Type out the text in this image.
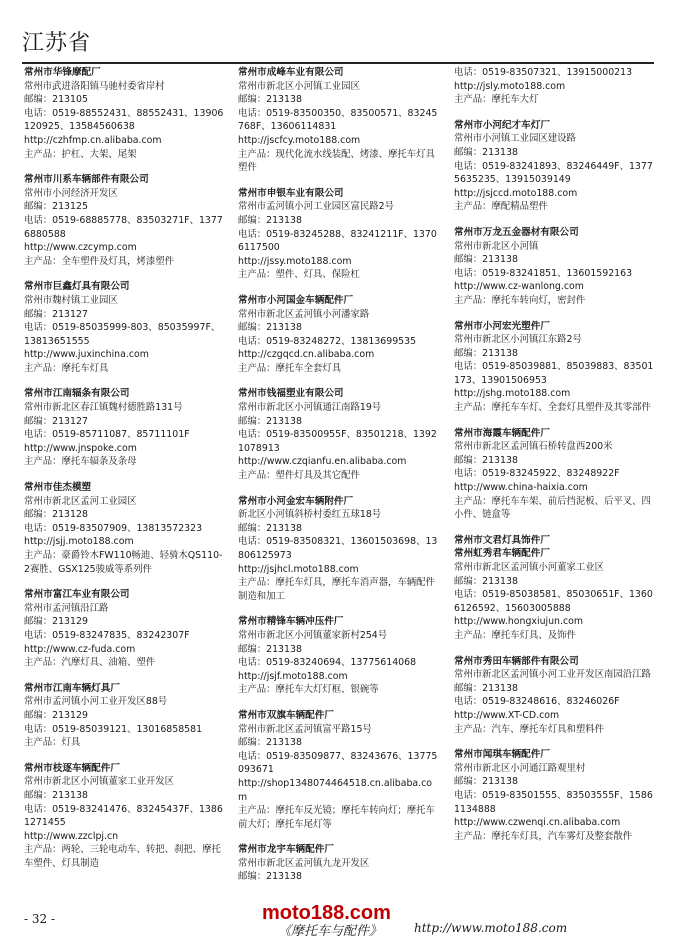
江苏省
常州市华锋摩配厂
常州市武进洛阳镇马驰村委省岸村
邮编：213105
电话：0519-88552431、88552431、13906120925、13584560638
http://czhfmp.cn.alibaba.com
主产品：护杠、大架、尾架
常州市川系车辆部件有限公司
常州市小河经济开发区
邮编：213125
电话：0519-68885778、83503271F、13776880588
http://www.czcymp.com
主产品：全车塑件及灯具，烤漆塑件
常州市巨鑫灯具有限公司
常州市魏村镇工业园区
邮编：213127
电话：0519-85035999-803、85035997F、13813651555
http://www.juxinchina.com
主产品：摩托车灯具
常州市江南辐条有限公司
常州市新北区春江镇魏村德胜路131号
邮编：213127
电话：0519-85711087、85711101F
http://www.jnspoke.com
主产品：摩托车辐条及条母
常州市佳杰模塑
常州市新北区孟河工业园区
邮编：213128
电话：0519-83507909、13813572323
http://jsjj.moto188.com
主产品：豪爵铃木FW110畅迪、轻骑木QS110-2赛胜、GSX125骏威等系列件
常州市富江车业有限公司
常州市孟河镇沿江路
邮编：213129
电话：0519-83247835、83242307F
http://www.cz-fuda.com
主产品：汽摩灯具、油箱、塑件
常州市江南车辆灯具厂
常州市孟河镇小河工业开发区88号
邮编：213129
电话：0519-85039121、13016858581
主产品：灯具
常州市枝逐车辆配件厂
常州市新北区小河镇董家工业开发区
邮编：213138
电话：0519-83241476、83245437F、13861271455
http://www.zzclpj.cn
主产品：两轮、三轮电动车、转把、刹把、摩托车塑件、灯具制造
常州市成峰车业有限公司
常州市新北区小河镇工业园区
邮编：213138
电话：0519-83500350、83500571、83245768F、13606114831
http://jscfcy.moto188.com
主产品：现代化流水线装配、烤漆、摩托车灯具塑件
常州市申银车业有限公司
常州市孟河镇小河工业园区富民路2号
邮编：213138
电话：0519-83245288、83241211F、13706117500
http://jssy.moto188.com
主产品：塑件、灯具、保险杠
常州市小河国金车辆配件厂
常州市新北区孟河镇小河潘家路
邮编：213138
电话：0519-83248272、13813699535
http://czgqcd.cn.alibaba.com
主产品：摩托车全套灯具
常州市钱福塑业有限公司
常州市新北区小河镇通江南路19号
邮编：213138
电话：0519-83500955F、83501218、13921078913
http://www.czqianfu.en.alibaba.com
主产品：塑件灯具及其它配件
常州市小河金宏车辆附件厂
新北区小河镇斜桥村委红五球18号
邮编：213138
电话：0519-83508321、13601503698、13806125973
http://jsjhcl.moto188.com
主产品：摩托车灯具，摩托车消声器，车辆配件制造和加工
常州市精锋车辆冲压件厂
常州市新北区小河镇董家新村254号
邮编：213138
电话：0519-83240694、13775614068
http://jsjf.moto188.com
主产品：摩托车大灯灯框、银碗等
常州市双旗车辆配件厂
常州市新北区孟河镇富平路15号
邮编：213138
电话：0519-83509877、83243676、13775093671
http://shop1348074464518.cn.alibaba.com
主产品：摩托车反光镜；摩托车转向灯；摩托车前大灯；摩托车尾灯等
常州市龙宇车辆配件厂
常州市新北区孟河镇九龙开发区
邮编：213138
电话：0519-83507321、13915000213
http://jsly.moto188.com
主产品：摩托车大灯
常州市小河纪才车灯厂
常州市小河镇工业园区建设路
邮编：213138
电话：0519-83241893、83246449F、13775635235、13915039149
http://jsjccd.moto188.com
主产品：摩配精品塑件
常州市万龙五金器材有限公司
常州市新北区小河镇
邮编：213138
电话：0519-83241851、13601592163
http://www.cz-wanlong.com
主产品：摩托车转向灯，密封件
常州市小河宏光塑件厂
常州市新北区小河镇江东路2号
邮编：213138
电话：0519-85039881、85039883、83501173、13901506953
http://jshg.moto188.com
主产品：摩托车车灯、全套灯具塑件及其零部件
常州市海霞车辆配件厂
常州市新北区孟河镇石桥转盘西200米
邮编：213138
电话：0519-83245922、83248922F
http://www.china-haixia.com
主产品：摩托车车架、前后挡泥板、后平叉、四小件、链盒等
常州市文君灯具饰件厂
常州虹秀君车辆配件厂
常州市新北区孟河镇小河董家工业区
邮编：213138
电话：0519-85038581、85030651F、13606126592、15603005888
http://www.hongxiujun.com
主产品：摩托车灯具、及饰件
常州市秀田车辆部件有限公司
常州市新北区孟河镇小河工业开发区南园沿江路
邮编：213138
电话：0519-83248616、83246026F
http://www.XT-CD.com
主产品：汽车、摩托车灯具和塑料件
常州市闻琪车辆配件厂
常州市新北区小河通江路观里村
邮编：213138
电话：0519-83501555、83503555F、15861134888
http://www.czwenqi.cn.alibaba.com
主产品：摩托车灯具，汽车雾灯及整套散件
- 32 -	moto188.com
《摩托车与配件》	http://www.moto188.com
